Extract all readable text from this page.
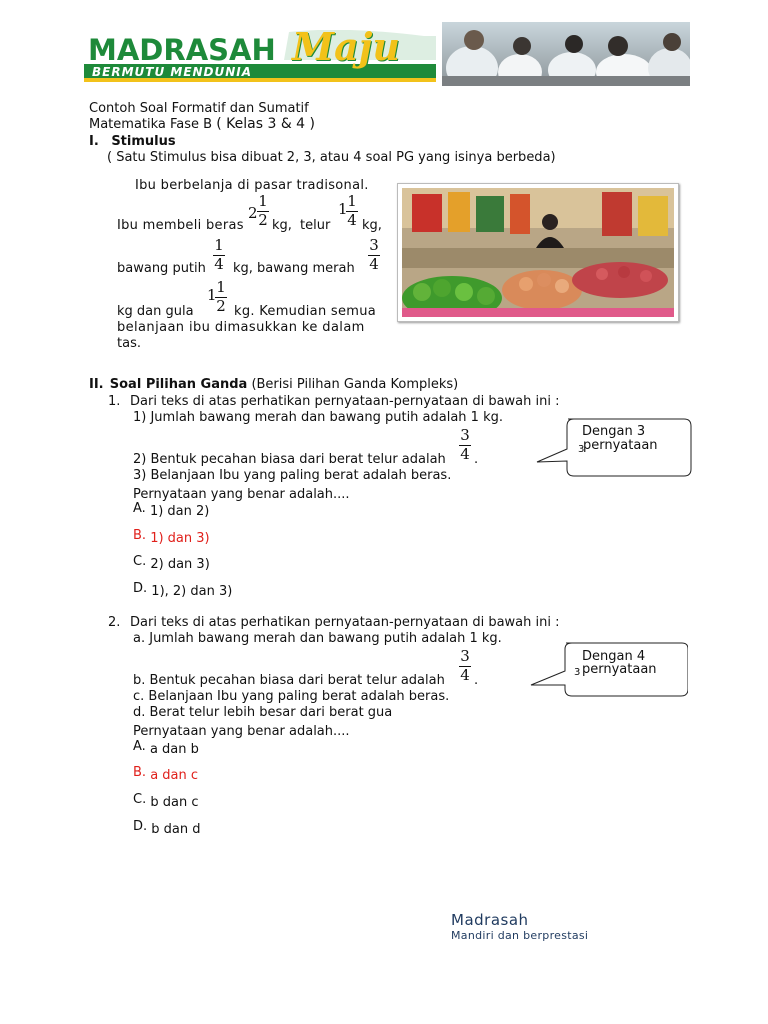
MADRASAH Maju
BERMUTU MENDUNIA
Contoh Soal Formatif dan Sumatif
Matematika Fase B ( Kelas 3 & 4 )
I. Stimulus
( Satu Stimulus bisa dibuat 2, 3, atau 4 soal PG yang isinya berbeda)
Ibu berbelanja di pasar tradisonal.
Ibu membeli beras
2
1
2 kg, telur
1 1
4 kg,
bawang putih
1
4 kg, bawang merah
3
4
kg dan gula
1 1
2 kg. Kemudian semua
belanjaan ibu dimasukkan ke dalam
tas.
II. Soal Pilihan Ganda (Berisi Pilihan Ganda Kompleks)
1. Dari teks di atas perhatikan pernyataan-pernyataan di bawah ini :
1) Jumlah bawang merah dan bawang putih adalah 1 kg.
2) Bentuk pecahan biasa dari berat telur adalah
3
4 .
3) Belanjaan Ibu yang paling berat adalah beras.
Pernyataan yang benar adalah....
A. 1) dan 2)
B. 1) dan 3)
C. 2) dan 3)
D. 1), 2) dan 3)
Dengan 3
3
pernyataan
2. Dari teks di atas perhatikan pernyataan-pernyataan di bawah ini :
a. Jumlah bawang merah dan bawang putih adalah 1 kg.
b. Bentuk pecahan biasa dari berat telur adalah
3
4 .
c. Belanjaan Ibu yang paling berat adalah beras.
d. Berat telur lebih besar dari berat gua
Pernyataan yang benar adalah....
A. a dan b
B. a dan c
C. b dan c
D. b dan d
Dengan 4
3 pernyataan
Madrasah
Mandiri dan berprestasi
